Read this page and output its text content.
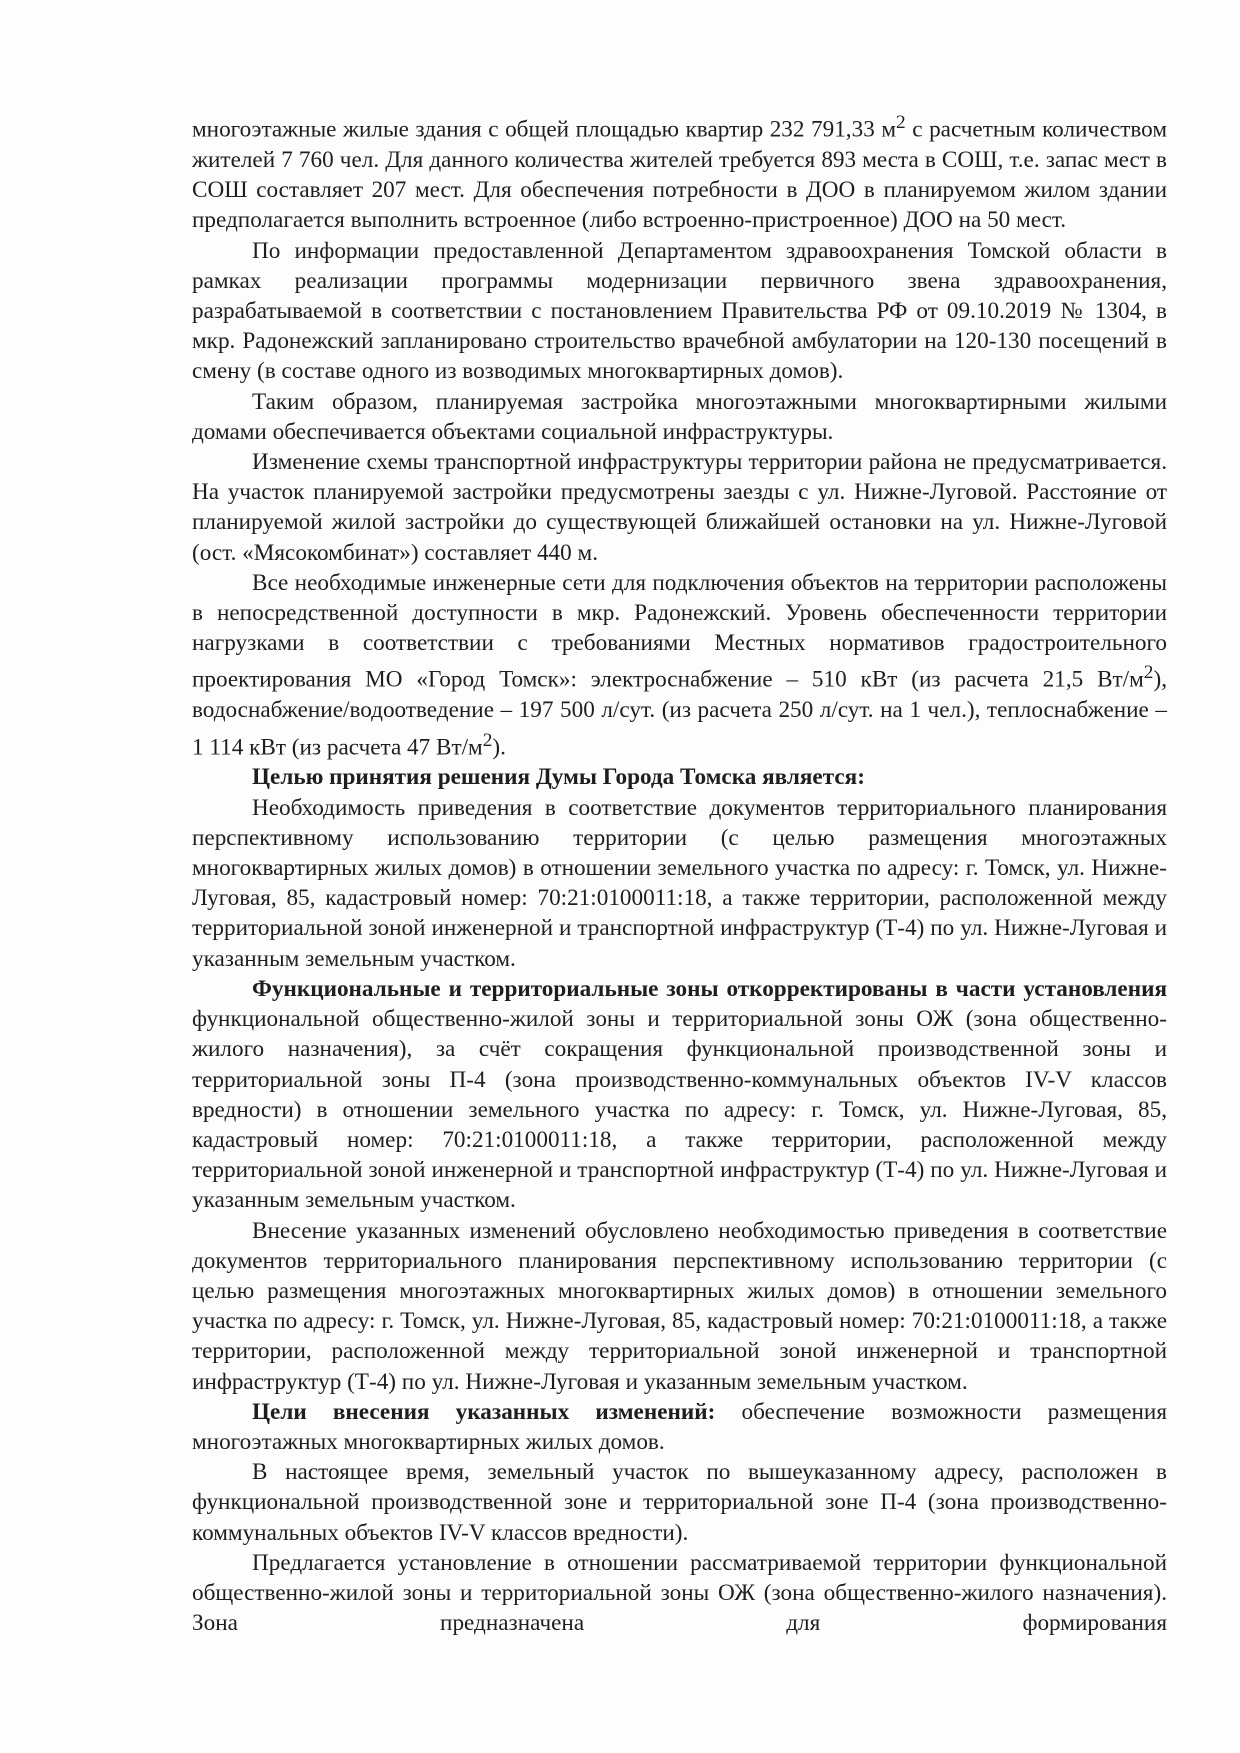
многоэтажные жилые здания с общей площадью квартир 232 791,33 $м^2$ с расчетным количеством жителей 7 760 чел. Для данного количества жителей требуется 893 места в СОШ, т.е. запас мест в СОШ составляет 207 мест. Для обеспечения потребности в ДОО в планируемом жилом здании предполагается выполнить встроенное (либо встроенно-пристроенное) ДОО на 50 мест.

По информации предоставленной Департаментом здравоохранения Томской области в рамках реализации программы модернизации первичного звена здравоохранения, разрабатываемой в соответствии с постановлением Правительства РФ от 09.10.2019 № 1304, в мкр. Радонежский запланировано строительство врачебной амбулатории на 120-130 посещений в смену (в составе одного из возводимых многоквартирных домов).

Таким образом, планируемая застройка многоэтажными многоквартирными жилыми домами обеспечивается объектами социальной инфраструктуры.

Изменение схемы транспортной инфраструктуры территории района не предусматривается. На участок планируемой застройки предусмотрены заезды с ул. Нижне-Луговой. Расстояние от планируемой жилой застройки до существующей ближайшей остановки на ул. Нижне-Луговой (ост. «Мясокомбинат») составляет 440 м.

Все необходимые инженерные сети для подключения объектов на территории расположены в непосредственной доступности в мкр. Радонежский. Уровень обеспеченности территории нагрузками в соответствии с требованиями Местных нормативов градостроительного проектирования МО «Город Томск»: электроснабжение – 510 кВт (из расчета 21,5 $Вт/м^2$), водоснабжение/водоотведение – 197 500 л/сут. (из расчета 250 л/сут. на 1 чел.), теплоснабжение – 1 114 кВт (из расчета 47 $Вт/м^2$).

Целью принятия решения Думы Города Томска является:

Необходимость приведения в соответствие документов территориального планирования перспективному использованию территории (с целью размещения многоэтажных многоквартирных жилых домов) в отношении земельного участка по адресу: г. Томск, ул. Нижне-Луговая, 85, кадастровый номер: 70:21:0100011:18, а также территории, расположенной между территориальной зоной инженерной и транспортной инфраструктур (Т-4) по ул. Нижне-Луговая и указанным земельным участком.

Функциональные и территориальные зоны откорректированы в части установления функциональной общественно-жилой зоны и территориальной зоны ОЖ (зона общественно-жилого назначения), за счёт сокращения функциональной производственной зоны и территориальной зоны П-4 (зона производственно-коммунальных объектов IV-V классов вредности) в отношении земельного участка по адресу: г. Томск, ул. Нижне-Луговая, 85, кадастровый номер: 70:21:0100011:18, а также территории, расположенной между территориальной зоной инженерной и транспортной инфраструктур (Т-4) по ул. Нижне-Луговая и указанным земельным участком.

Внесение указанных изменений обусловлено необходимостью приведения в соответствие документов территориального планирования перспективному использованию территории (с целью размещения многоэтажных многоквартирных жилых домов) в отношении земельного участка по адресу: г. Томск, ул. Нижне-Луговая, 85, кадастровый номер: 70:21:0100011:18, а также территории, расположенной между территориальной зоной инженерной и транспортной инфраструктур (Т-4) по ул. Нижне-Луговая и указанным земельным участком.

Цели внесения указанных изменений: обеспечение возможности размещения многоэтажных многоквартирных жилых домов.

В настоящее время, земельный участок по вышеуказанному адресу, расположен в функциональной производственной зоне и территориальной зоне П-4 (зона производственно-коммунальных объектов IV-V классов вредности).

Предлагается установление в отношении рассматриваемой территории функциональной общественно-жилой зоны и территориальной зоны ОЖ (зона общественно-жилого назначения). Зона предназначена для формирования
